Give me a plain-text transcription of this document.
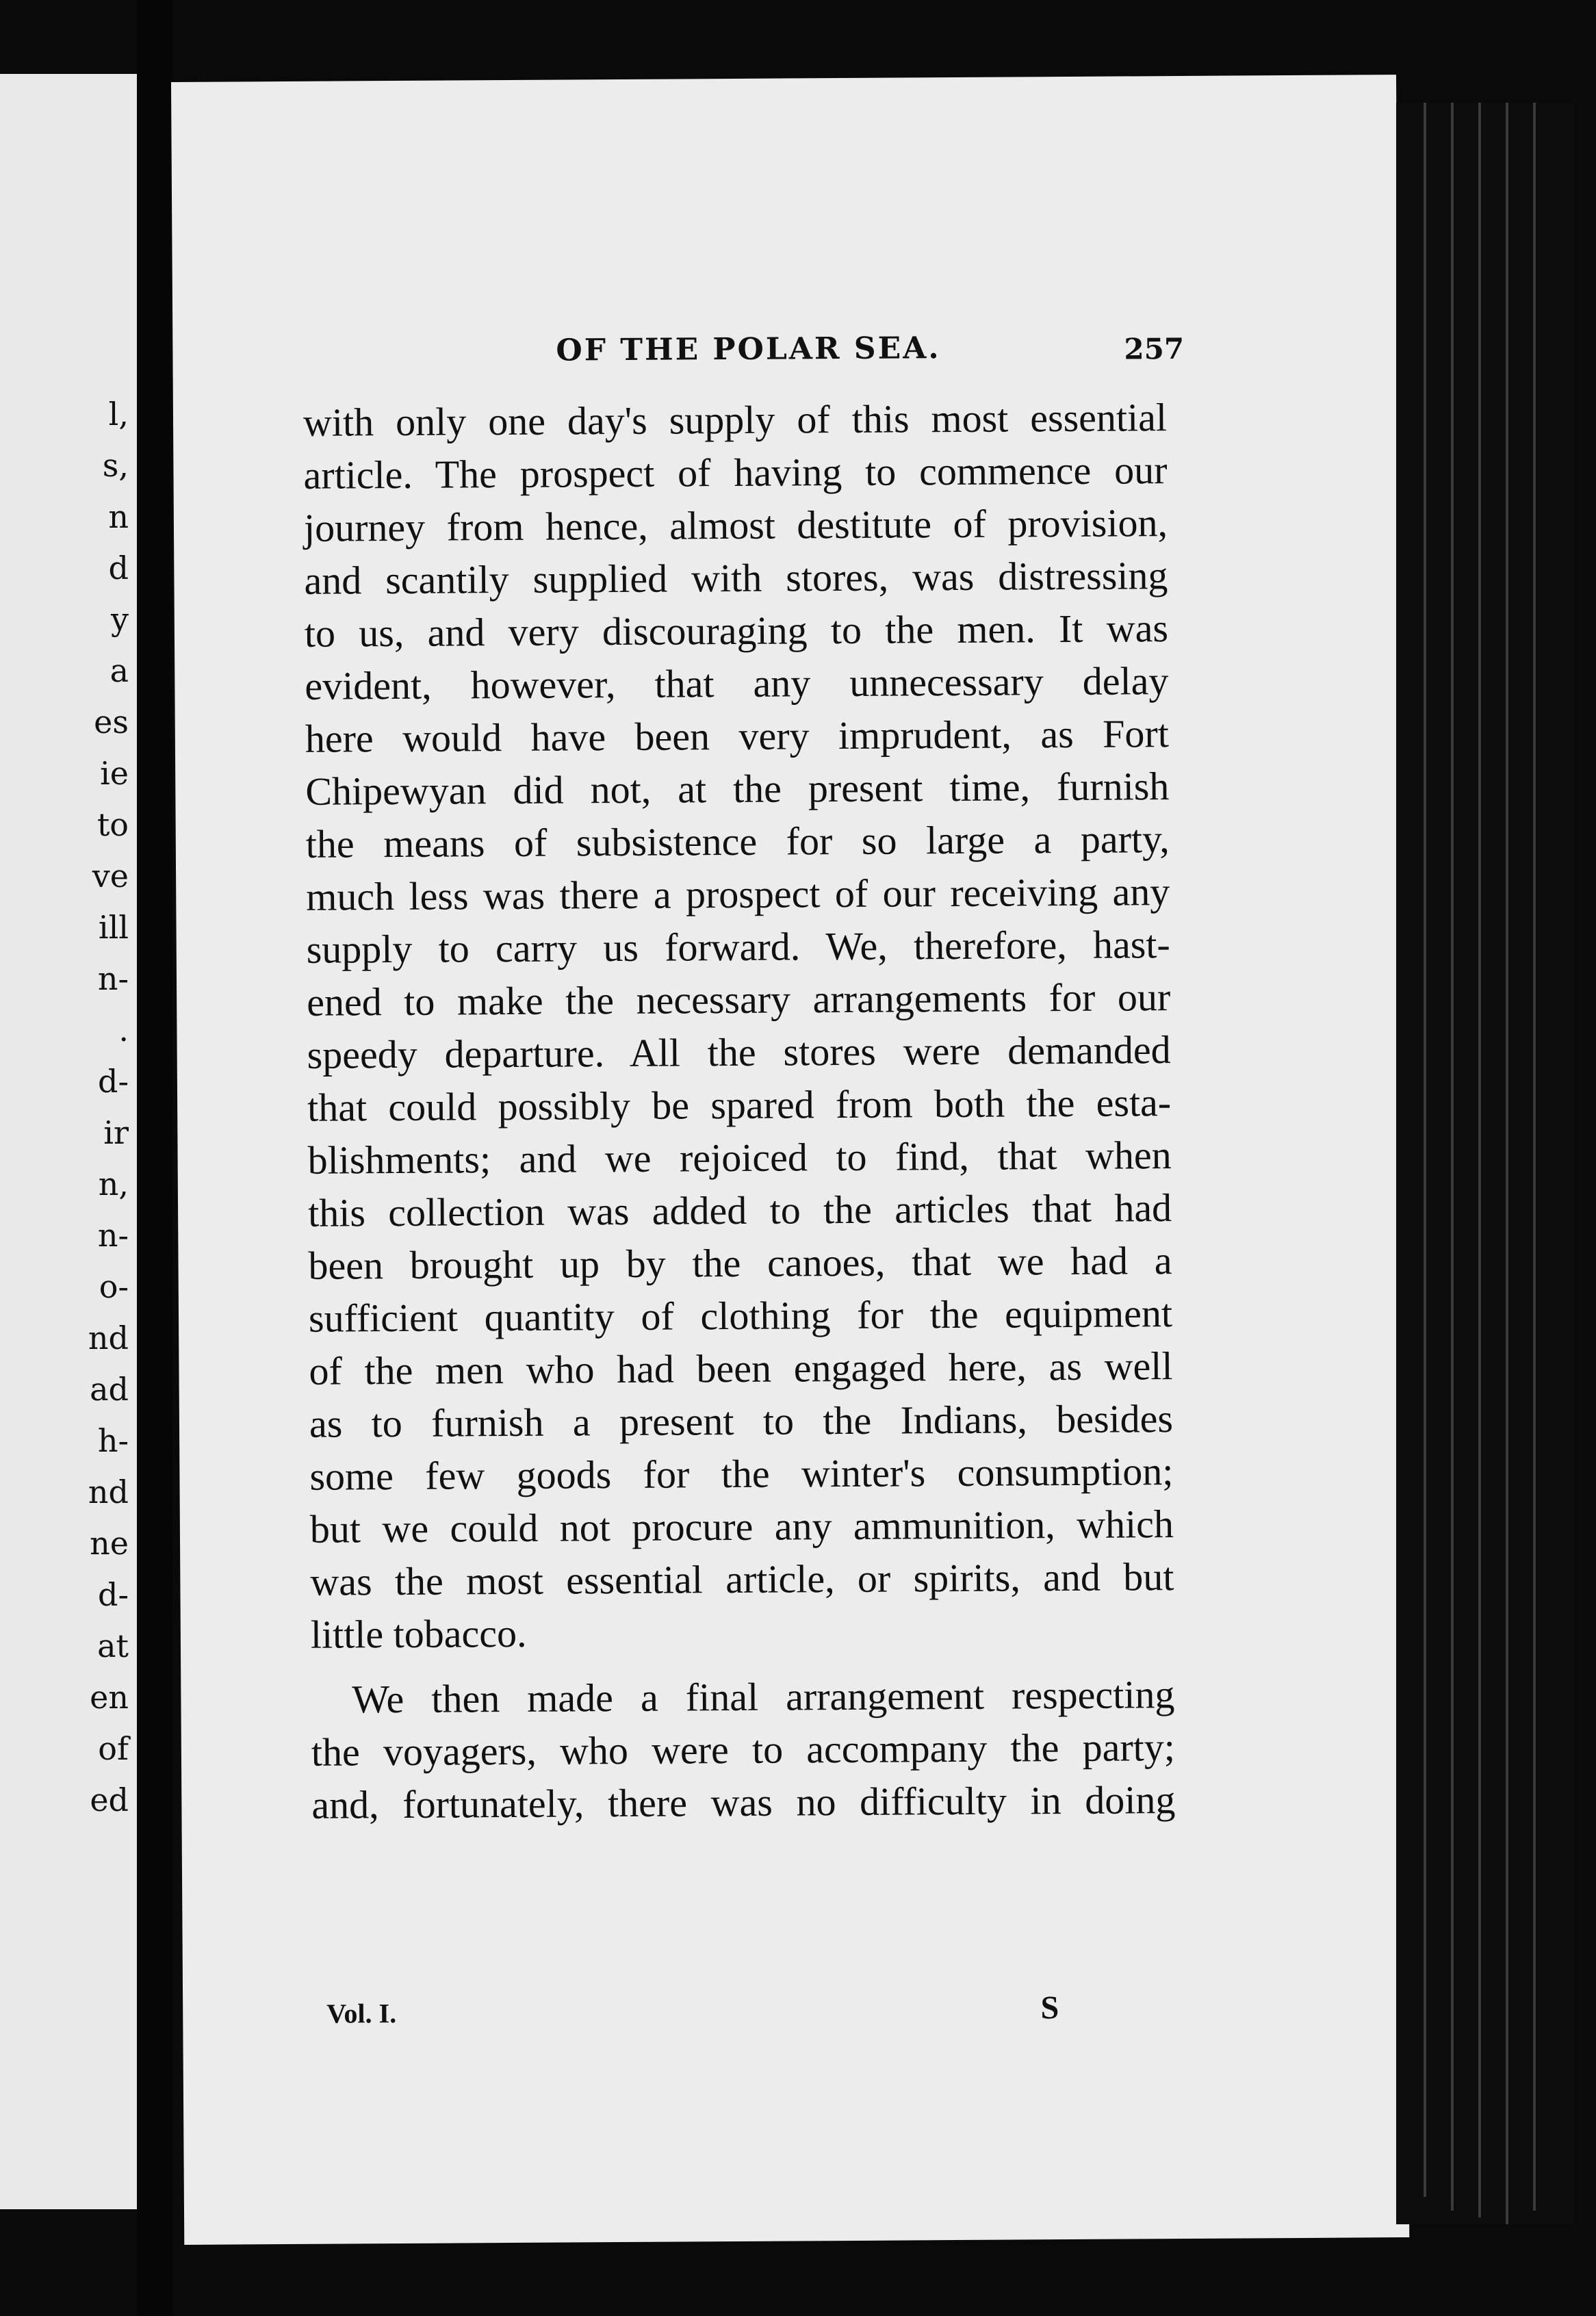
l,
s,
n
d
y
a
es
ie
to
ve
ill
n-
.
d-
ir
n,
n-
o-
nd
ad
h-
nd
ne
d-
at
en
of
ed
OF THE POLAR SEA.	257
with only one day's supply of this most essential
article. The prospect of having to commence our
journey from hence, almost destitute of provision,
and scantily supplied with stores, was distressing
to us, and very discouraging to the men. It was
evident, however, that any unnecessary delay
here would have been very imprudent, as Fort
Chipewyan did not, at the present time, furnish
the means of subsistence for so large a party,
much less was there a prospect of our receiving any
supply to carry us forward. We, therefore, hast-
ened to make the necessary arrangements for our
speedy departure. All the stores were demanded
that could possibly be spared from both the esta-
blishments; and we rejoiced to find, that when
this collection was added to the articles that had
been brought up by the canoes, that we had a
sufficient quantity of clothing for the equipment
of the men who had been engaged here, as well
as to furnish a present to the Indians, besides
some few goods for the winter's consumption;
but we could not procure any ammunition, which
was the most essential article, or spirits, and but
little tobacco.
We then made a final arrangement respecting
the voyagers, who were to accompany the party;
and, fortunately, there was no difficulty in doing
Vol. I.	S
